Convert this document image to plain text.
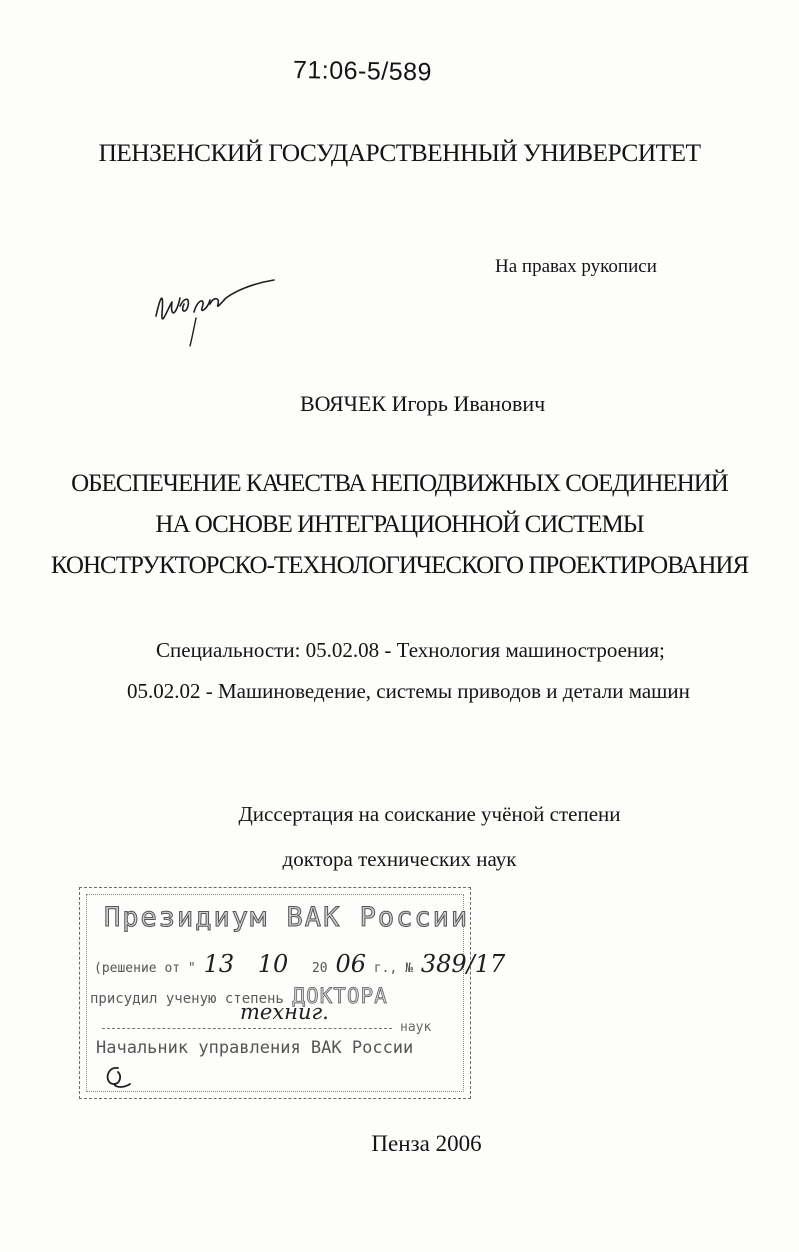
71:06-5/589
ПЕНЗЕНСКИЙ ГОСУДАРСТВЕННЫЙ УНИВЕРСИТЕТ
На правах рукописи
ВОЯЧЕК Игорь Иванович
ОБЕСПЕЧЕНИЕ КАЧЕСТВА НЕПОДВИЖНЫХ СОЕДИНЕНИЙ
НА ОСНОВЕ ИНТЕГРАЦИОННОЙ СИСТЕМЫ
КОНСТРУКТОРСКО-ТЕХНОЛОГИЧЕСКОГО ПРОЕКТИРОВАНИЯ
Специальности: 05.02.08 - Технология машиностроения;
05.02.02 - Машиноведение, системы приводов и детали машин
Диссертация на соискание учёной степени
доктора технических наук
Президиум ВАК России
(решение от " 13 10 20 06 г., № 389/17
присудил ученую степень ДОКТОРА
техниг.
наук
Начальник управления ВАК России
Пенза 2006
